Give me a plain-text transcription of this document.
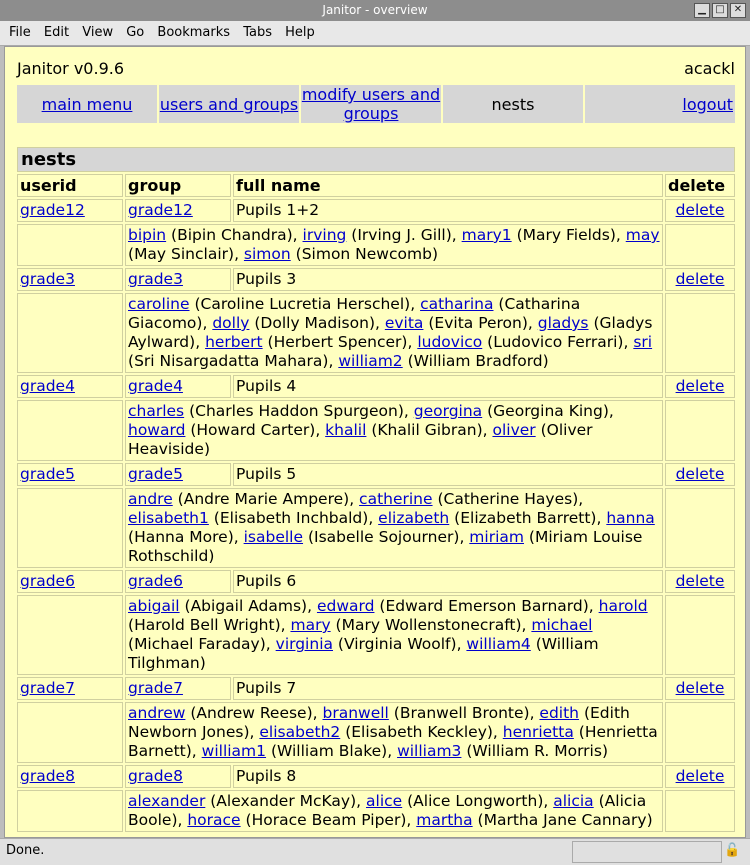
Janitor - overview	▁ □ ✕
File Edit View Go Bookmarks Tabs Help
Janitor v0.9.6	acackl
main menu	users and groups	modify users and groups	nests	logout
nests			
userid	group	full name	delete
grade12	grade12	Pupils 1+2	delete
	bipin (Bipin Chandra), irving (Irving J. Gill), mary1 (Mary Fields), may (May Sinclair), simon (Simon Newcomb)		
grade3	grade3	Pupils 3	delete
	caroline (Caroline Lucretia Herschel), catharina (Catharina Giacomo), dolly (Dolly Madison), evita (Evita Peron), gladys (Gladys Aylward), herbert (Herbert Spencer), ludovico (Ludovico Ferrari), sri (Sri Nisargadatta Mahara), william2 (William Bradford)		
grade4	grade4	Pupils 4	delete
	charles (Charles Haddon Spurgeon), georgina (Georgina King), howard (Howard Carter), khalil (Khalil Gibran), oliver (Oliver Heaviside)		
grade5	grade5	Pupils 5	delete
	andre (Andre Marie Ampere), catherine (Catherine Hayes), elisabeth1 (Elisabeth Inchbald), elizabeth (Elizabeth Barrett), hanna (Hanna More), isabelle (Isabelle Sojourner), miriam (Miriam Louise Rothschild)		
grade6	grade6	Pupils 6	delete
	abigail (Abigail Adams), edward (Edward Emerson Barnard), harold (Harold Bell Wright), mary (Mary Wollenstonecraft), michael (Michael Faraday), virginia (Virginia Woolf), william4 (William Tilghman)		
grade7	grade7	Pupils 7	delete
	andrew (Andrew Reese), branwell (Branwell Bronte), edith (Edith Newborn Jones), elisabeth2 (Elisabeth Keckley), henrietta (Henrietta Barnett), william1 (William Blake), william3 (William R. Morris)		
grade8	grade8	Pupils 8	delete
	alexander (Alexander McKay), alice (Alice Longworth), alicia (Alicia Boole), horace (Horace Beam Piper), martha (Martha Jane Cannary)		
Done.	🔓
